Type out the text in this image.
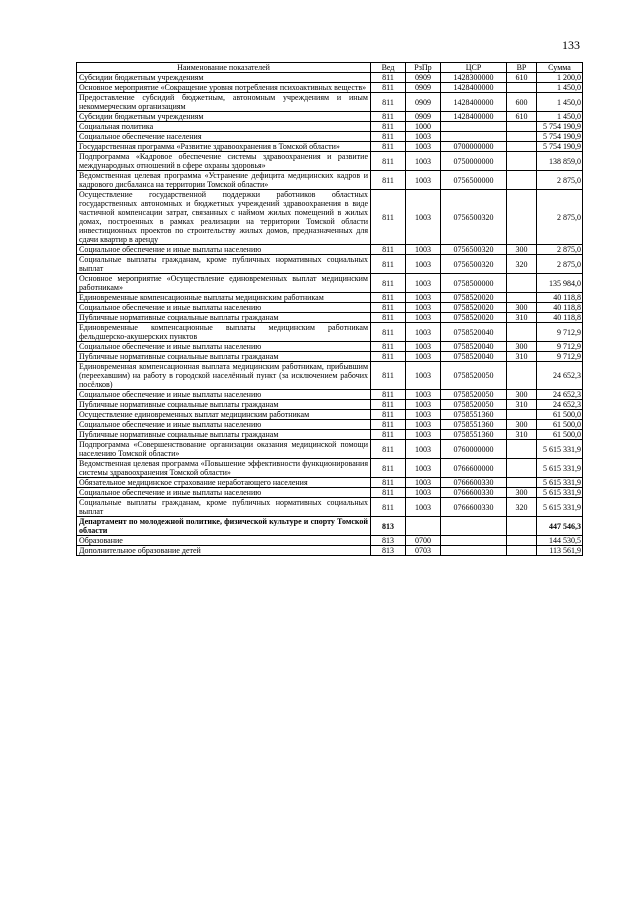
133
Наименование показателей	Вед	РзПр	ЦСР	ВР	Сумма
Субсидии бюджетным учреждениям	811	0909	1428300000	610	1 200,0
Основное мероприятие «Сокращение уровня потребления психоактивных веществ»	811	0909	1428400000		1 450,0
Предоставление субсидий бюджетным, автономным учреждениям и иным некоммерческим организациям	811	0909	1428400000	600	1 450,0
Субсидии бюджетным учреждениям	811	0909	1428400000	610	1 450,0
Социальная политика	811	1000			5 754 190,9
Социальное обеспечение населения	811	1003			5 754 190,9
Государственная программа «Развитие здравоохранения в Томской области»	811	1003	0700000000		5 754 190,9
Подпрограмма «Кадровое обеспечение системы здравоохранения и развитие международных отношений в сфере охраны здоровья»	811	1003	0750000000		138 859,0
Ведомственная целевая программа «Устранение дефицита медицинских кадров и кадрового дисбаланса на территории Томской области»	811	1003	0756500000		2 875,0
Осуществление государственной поддержки работников областных государственных автономных и бюджетных учреждений здравоохранения в виде частичной компенсации затрат, связанных с наймом жилых помещений в жилых домах, построенных в рамках реализации на территории Томской области инвестиционных проектов по строительству жилых домов, предназначенных для сдачи квартир в аренду	811	1003	0756500320		2 875,0
Социальное обеспечение и иные выплаты населению	811	1003	0756500320	300	2 875,0
Социальные выплаты гражданам, кроме публичных нормативных социальных выплат	811	1003	0756500320	320	2 875,0
Основное мероприятие «Осуществление единовременных выплат медицинским работникам»	811	1003	0758500000		135 984,0
Единовременные компенсационные выплаты медицинским работникам	811	1003	0758520020		40 118,8
Социальное обеспечение и иные выплаты населению	811	1003	0758520020	300	40 118,8
Публичные нормативные социальные выплаты гражданам	811	1003	0758520020	310	40 118,8
Единовременные компенсационные выплаты медицинским работникам фельдшерско-акушерских пунктов	811	1003	0758520040		9 712,9
Социальное обеспечение и иные выплаты населению	811	1003	0758520040	300	9 712,9
Публичные нормативные социальные выплаты гражданам	811	1003	0758520040	310	9 712,9
Единовременная компенсационная выплата медицинским работникам, прибывшим (переехавшим) на работу в городской населённый пункт (за исключением рабочих посёлков)	811	1003	0758520050		24 652,3
Социальное обеспечение и иные выплаты населению	811	1003	0758520050	300	24 652,3
Публичные нормативные социальные выплаты гражданам	811	1003	0758520050	310	24 652,3
Осуществление единовременных выплат медицинским работникам	811	1003	0758551360		61 500,0
Социальное обеспечение и иные выплаты населению	811	1003	0758551360	300	61 500,0
Публичные нормативные социальные выплаты гражданам	811	1003	0758551360	310	61 500,0
Подпрограмма «Совершенствование организации оказания медицинской помощи населению Томской области»	811	1003	0760000000		5 615 331,9
Ведомственная целевая программа «Повышение эффективности функционирования системы здравоохранения Томской области»	811	1003	0766600000		5 615 331,9
Обязательное медицинское страхование неработающего населения	811	1003	0766600330		5 615 331,9
Социальное обеспечение и иные выплаты населению	811	1003	0766600330	300	5 615 331,9
Социальные выплаты гражданам, кроме публичных нормативных социальных выплат	811	1003	0766600330	320	5 615 331,9
Департамент по молодежной политике, физической культуре и спорту Томской области	813				447 546,3
Образование	813	0700			144 530,5
Дополнительное образование детей	813	0703			113 561,9
